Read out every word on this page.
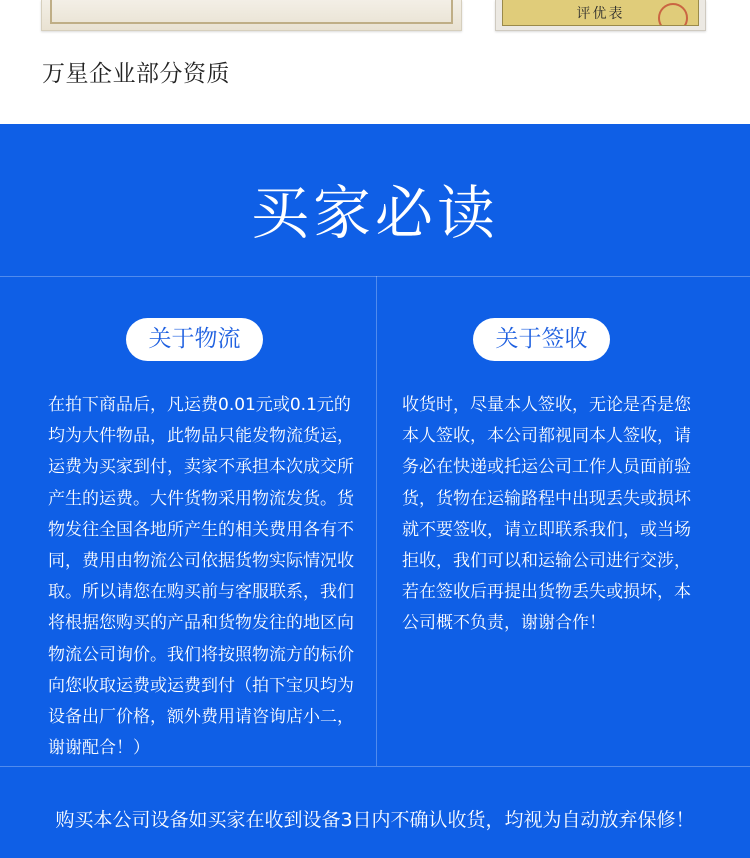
评优表
万星企业部分资质
买家必读
关于物流	关于签收
在拍下商品后，凡运费0.01元或0.1元的均为大件物品，此物品只能发物流货运，运费为买家到付，卖家不承担本次成交所产生的运费。大件货物采用物流发货。货物发往全国各地所产生的相关费用各有不同，费用由物流公司依据货物实际情况收取。所以请您在购买前与客服联系，我们将根据您购买的产品和货物发往的地区向物流公司询价。我们将按照物流方的标价向您收取运费或运费到付（拍下宝贝均为设备出厂价格，额外费用请咨询店小二，谢谢配合！）
收货时，尽量本人签收，无论是否是您本人签收，本公司都视同本人签收，请务必在快递或托运公司工作人员面前验货，货物在运输路程中出现丢失或损坏就不要签收，请立即联系我们，或当场拒收，我们可以和运输公司进行交涉，若在签收后再提出货物丢失或损坏，本公司概不负责，谢谢合作！
购买本公司设备如买家在收到设备3日内不确认收货，均视为自动放弃保修！
